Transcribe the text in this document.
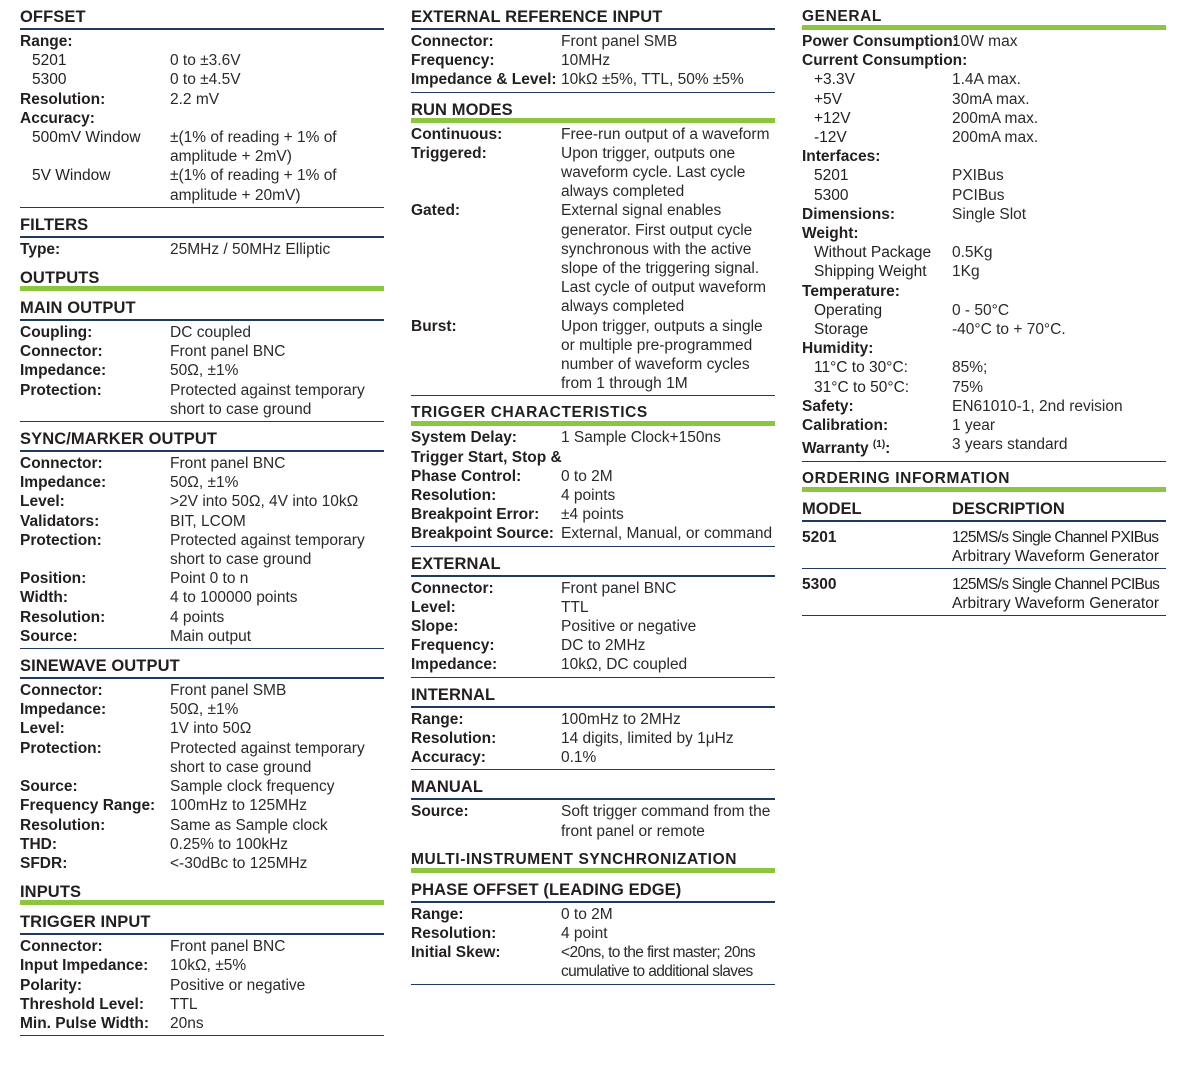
OFFSET
Range:
5201	0 to ±3.6V
5300	0 to ±4.5V
Resolution:	2.2 mV
Accuracy:
500mV Window	±(1% of reading + 1% of amplitude + 2mV)
5V Window	±(1% of reading + 1% of amplitude + 20mV)
FILTERS
Type:	25MHz / 50MHz Elliptic
OUTPUTS
MAIN OUTPUT
Coupling:	DC coupled
Connector:	Front panel BNC
Impedance:	50Ω, ±1%
Protection:	Protected against temporary short to case ground
SYNC/MARKER OUTPUT
Connector:	Front panel BNC
Impedance:	50Ω, ±1%
Level:	>2V into 50Ω, 4V into 10kΩ
Validators:	BIT, LCOM
Protection:	Protected against temporary short to case ground
Position:	Point 0 to n
Width:	4 to 100000 points
Resolution:	4 points
Source:	Main output
SINEWAVE OUTPUT
Connector:	Front panel SMB
Impedance:	50Ω, ±1%
Level:	1V into 50Ω
Protection:	Protected against temporary short to case ground
Source:	Sample clock frequency
Frequency Range: 100mHz to 125MHz
Resolution:	Same as Sample clock
THD:	0.25% to 100kHz
SFDR:	<-30dBc to 125MHz
INPUTS
TRIGGER INPUT
Connector:	Front panel BNC
Input Impedance:	10kΩ, ±5%
Polarity:	Positive or negative
Threshold Level:	TTL
Min. Pulse Width:	20ns
EXTERNAL REFERENCE INPUT
Connector:	Front panel SMB
Frequency:	10MHz
Impedance & Level: 10kΩ ±5%, TTL, 50% ±5%
RUN MODES
Continuous:	Free-run output of a waveform
Triggered:	Upon trigger, outputs one waveform cycle. Last cycle always completed
Gated:	External signal enables generator. First output cycle synchronous with the active slope of the triggering signal. Last cycle of output waveform always completed
Burst:	Upon trigger, outputs a single or multiple pre-programmed number of waveform cycles from 1 through 1M
TRIGGER CHARACTERISTICS
System Delay:	1 Sample Clock+150ns
Trigger Start, Stop &
Phase Control:	0 to 2M
Resolution:	4 points
Breakpoint Error:	±4 points
Breakpoint Source: External, Manual, or command
EXTERNAL
Connector:	Front panel BNC
Level:	TTL
Slope:	Positive or negative
Frequency:	DC to 2MHz
Impedance:	10kΩ, DC coupled
INTERNAL
Range:	100mHz to 2MHz
Resolution:	14 digits, limited by 1μHz
Accuracy:	0.1%
MANUAL
Source:	Soft trigger command from the front panel or remote
MULTI-INSTRUMENT SYNCHRONIZATION
PHASE OFFSET (LEADING EDGE)
Range:	0 to 2M
Resolution:	4 point
Initial Skew:	<20ns, to the first master; 20ns cumulative to additional slaves
GENERAL
Power Consumption:
10W max
Current Consumption:
+3.3V	1.4A max.
+5V	30mA max.
+12V	200mA max.
-12V	200mA max.
Interfaces:
5201	PXIBus
5300	PCIBus
Dimensions:	Single Slot
Weight:
Without Package	0.5Kg
Shipping Weight	1Kg
Temperature:
Operating	0 - 50°C
Storage	-40°C to + 70°C.
Humidity:
11°C to 30°C:	85%;
31°C to 50°C:	75%
Safety:	EN61010-1, 2nd revision
Calibration:	1 year
Warranty $^{(1)}$:	3 years standard
ORDERING INFORMATION
MODEL	DESCRIPTION
5201	125MS/s Single Channel PXIBus
Arbitrary Waveform Generator
5300	125MS/s Single Channel PCIBus
Arbitrary Waveform Generator
